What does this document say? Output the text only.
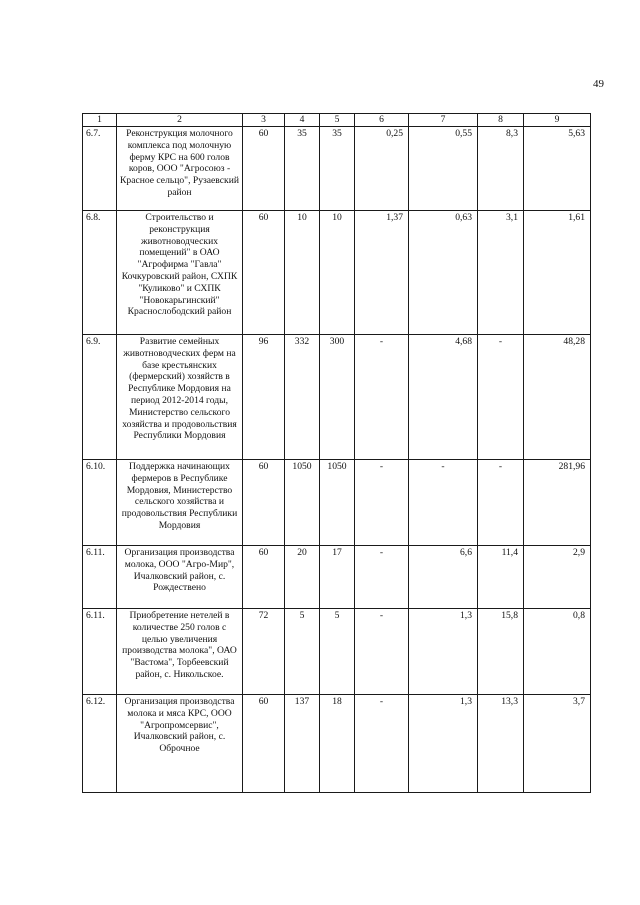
49
1	2	3	4	5	6	7	8	9
6.7.	Реконструкция молочного комплекса под молочную ферму КРС на 600 голов коров, ООО "Агросоюз - Красное сельцо", Рузаевский район	60	35	35	0,25	0,55	8,3	5,63
6.8.	Строительство и реконструкция животноводческих помещений" в ОАО "Агрофирма "Гавла" Кочкуровский район, СХПК "Куликово" и СХПК "Новокарьгинский" Краснослободский район	60	10	10	1,37	0,63	3,1	1,61
6.9.	Развитие семейных животноводческих ферм на базе крестьянских (фермерский) хозяйств в Республике Мордовия на период 2012-2014 годы, Министерство сельского хозяйства и продовольствия Республики Мордовия	96	332	300	-	4,68	-	48,28
6.10.	Поддержка начинающих фермеров в Республике Мордовия, Министерство сельского хозяйства и продовольствия Республики Мордовия	60	1050	1050	-	-	-	281,96
6.11.	Организация производства молока, ООО "Агро-Мир", Ичалковский район, с. Рождествено	60	20	17	-	6,6	11,4	2,9
6.11.	Приобретение нетелей в количестве 250 голов с целью увеличения производства молока", ОАО "Вастома", Торбеевский район, с. Никольское.	72	5	5	-	1,3	15,8	0,8
6.12.	Организация производства молока и мяса КРС, ООО "Агропромсервис", Ичалковский район, с. Оброчное	60	137	18	-	1,3	13,3	3,7
